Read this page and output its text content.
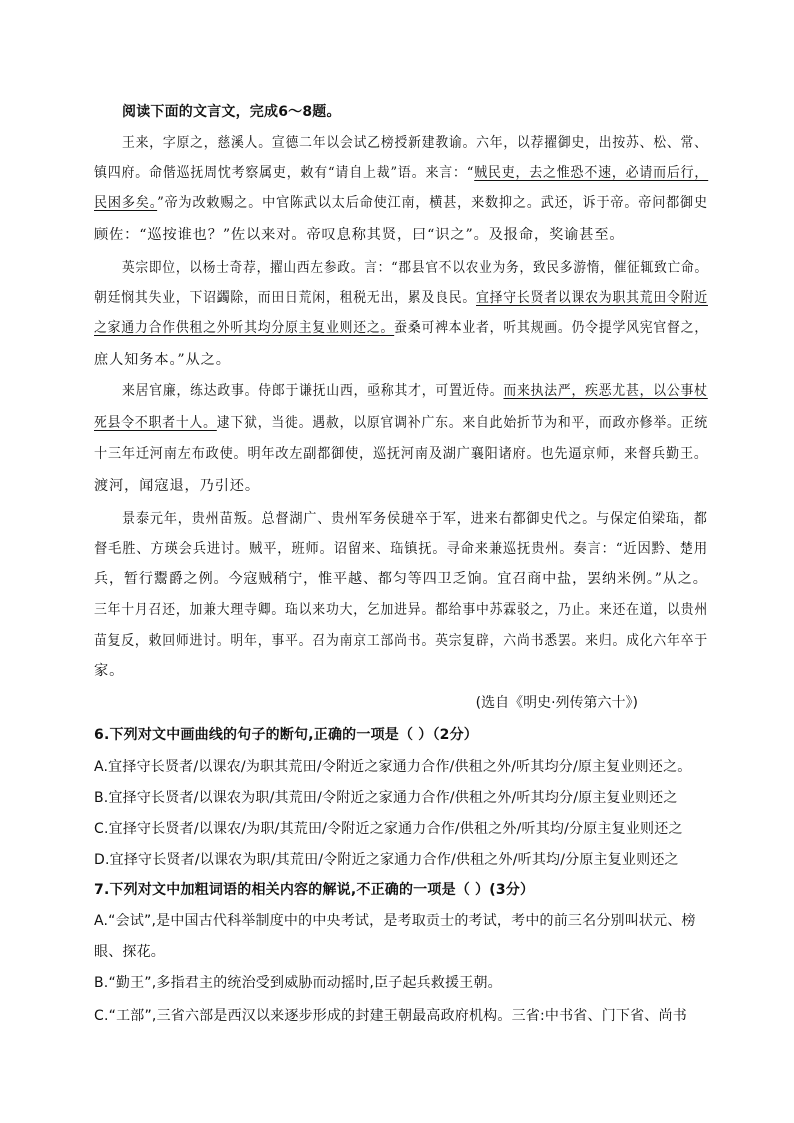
阅读下面的文言文，完成6～8题。
王来，字原之，慈溪人。宣德二年以会试乙榜授新建教谕。六年，以荐擢御史，出按苏、松、常、
镇四府。命偕巡抚周忱考察属吏，敕有“请自上裁”语。来言：“贼民吏，去之惟恐不速，必请而后行，
民困多矣。”帝为改敕赐之。中官陈武以太后命使江南，横甚，来数抑之。武还，诉于帝。帝问都御史
顾佐：“巡按谁也？”佐以来对。帝叹息称其贤，曰“识之”。及报命，奖谕甚至。
英宗即位，以杨士奇荐，擢山西左参政。言：“郡县官不以农业为务，致民多游惰，催征辄致亡命。
朝廷悯其失业，下诏蠲除，而田日荒闲，租税无出，累及良民。宜择守长贤者以课农为职其荒田令附近
之家通力合作供租之外听其均分原主复业则还之。蚕桑可裨本业者，听其规画。仍令提学风宪官督之，
庶人知务本。”从之。
来居官廉，练达政事。侍郎于谦抚山西，亟称其才，可置近侍。而来执法严，疾恶尤甚，以公事杖
死县令不职者十人。逮下狱，当徙。遇赦，以原官调补广东。来自此始折节为和平，而政亦修举。正统
十三年迁河南左布政使。明年改左副都御使，巡抚河南及湖广襄阳诸府。也先逼京师，来督兵勤王。
渡河，闻寇退，乃引还。
景泰元年，贵州苗叛。总督湖广、贵州军务侯琎卒于军，进来右都御史代之。与保定伯梁珤，都
督毛胜、方瑛会兵进讨。贼平，班师。诏留来、珤镇抚。寻命来兼巡抚贵州。奏言：“近因黔、楚用
兵，暂行鬻爵之例。今寇贼稍宁，惟平越、都匀等四卫乏饷。宜召商中盐，罢纳米例。”从之。
三年十月召还，加兼大理寺卿。珤以来功大，乞加进异。都给事中苏霖驳之，乃止。来还在道，以贵州
苗复反，敕回师进讨。明年，事平。召为南京工部尚书。英宗复辟，六尚书悉罢。来归。成化六年卒于
家。
(选自《明史·列传第六十》)
6.下列对文中画曲线的句子的断句,正确的一项是（ ）（2分）
A.宜择守长贤者/以课农/为职其荒田/令附近之家通力合作/供租之外/听其均分/原主复业则还之。
B.宜择守长贤者/以课农为职/其荒田/令附近之家通力合作/供租之外/听其均分/原主复业则还之
C.宜择守长贤者/以课农/为职/其荒田/令附近之家通力合作/供租之外/听其均/分原主复业则还之
D.宜择守长贤者/以课农为职/其荒田/令附近之家通力合作/供租之外/听其均/分原主复业则还之
7.下列对文中加粗词语的相关内容的解说,不正确的一项是（ ）(3分）
A.“会试”,是中国古代科举制度中的中央考试，是考取贡士的考试，考中的前三名分别叫状元、榜
眼、探花。
B.“勤王”,多指君主的统治受到威胁而动摇时,臣子起兵救援王朝。
C.“工部”,三省六部是西汉以来逐步形成的封建王朝最高政府机构。三省:中书省、门下省、尚书
